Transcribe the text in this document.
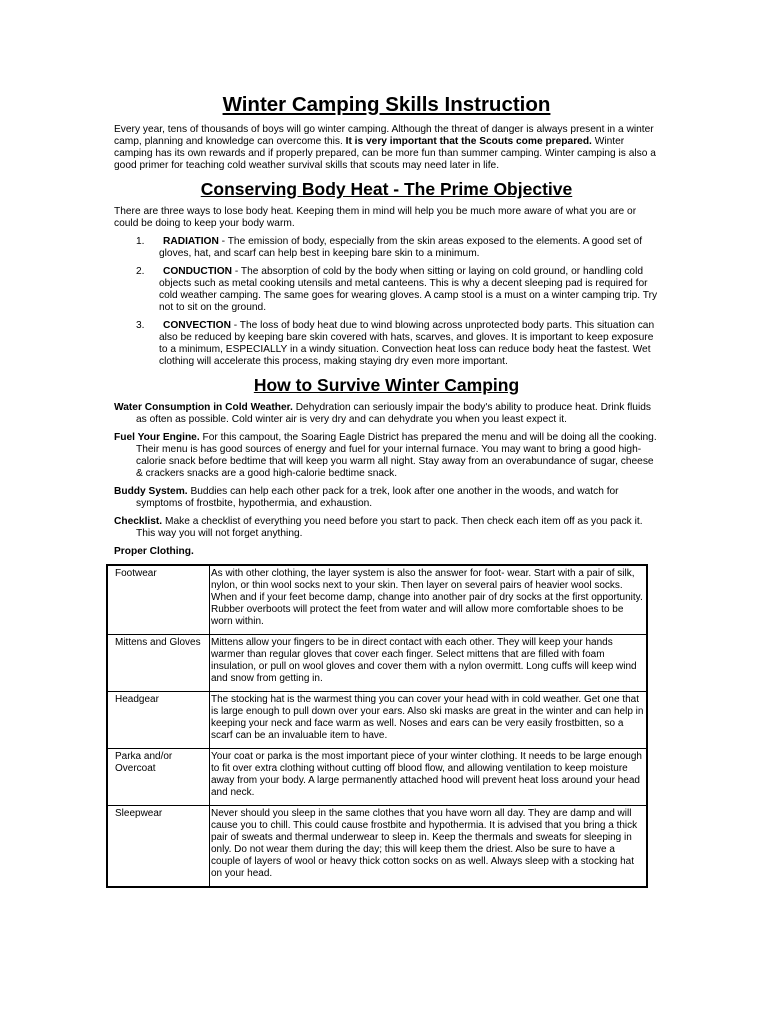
Winter Camping Skills Instruction

Every year, tens of thousands of boys will go winter camping. Although the threat of danger is always present in a winter camp, planning and knowledge can overcome this. It is very important that the Scouts come prepared. Winter camping has its own rewards and if properly prepared, can be more fun than summer camping. Winter camping is also a good primer for teaching cold weather survival skills that scouts may need later in life.

Conserving Body Heat - The Prime Objective

There are three ways to lose body heat. Keeping them in mind will help you be much more aware of what you are or could be doing to keep your body warm.

1. RADIATION - The emission of body, especially from the skin areas exposed to the elements. A good set of gloves, hat, and scarf can help best in keeping bare skin to a minimum.
2. CONDUCTION - The absorption of cold by the body when sitting or laying on cold ground, or handling cold objects such as metal cooking utensils and metal canteens. This is why a decent sleeping pad is required for cold weather camping. The same goes for wearing gloves. A camp stool is a must on a winter camping trip. Try not to sit on the ground.
3. CONVECTION - The loss of body heat due to wind blowing across unprotected body parts. This situation can also be reduced by keeping bare skin covered with hats, scarves, and gloves. It is important to keep exposure to a minimum, ESPECIALLY in a windy situation. Convection heat loss can reduce body heat the fastest. Wet clothing will accelerate this process, making staying dry even more important.
How to Survive Winter Camping

Water Consumption in Cold Weather. Dehydration can seriously impair the body's ability to produce heat. Drink fluids as often as possible. Cold winter air is very dry and can dehydrate you when you least expect it.

Fuel Your Engine. For this campout, the Soaring Eagle District has prepared the menu and will be doing all the cooking. Their menu is has good sources of energy and fuel for your internal furnace. You may want to bring a good high-calorie snack before bedtime that will keep you warm all night. Stay away from an overabundance of sugar, cheese & crackers snacks are a good high-calorie bedtime snack.

Buddy System. Buddies can help each other pack for a trek, look after one another in the woods, and watch for symptoms of frostbite, hypothermia, and exhaustion.

Checklist. Make a checklist of everything you need before you start to pack. Then check each item off as you pack it. This way you will not forget anything.

Proper Clothing.

Footwear	As with other clothing, the layer system is also the answer for foot- wear. Start with a pair of silk, nylon, or thin wool socks next to your skin. Then layer on several pairs of heavier wool socks. When and if your feet become damp, change into another pair of dry socks at the first opportunity. Rubber overboots will protect the feet from water and will allow more comfortable shoes to be worn within.
Mittens and Gloves	Mittens allow your fingers to be in direct contact with each other. They will keep your hands warmer than regular gloves that cover each finger. Select mittens that are filled with foam insulation, or pull on wool gloves and cover them with a nylon overmitt. Long cuffs will keep wind and snow from getting in.
Headgear	The stocking hat is the warmest thing you can cover your head with in cold weather. Get one that is large enough to pull down over your ears. Also ski masks are great in the winter and can help in keeping your neck and face warm as well. Noses and ears can be very easily frostbitten, so a scarf can be an invaluable item to have.
Parka and/or Overcoat	Your coat or parka is the most important piece of your winter clothing. It needs to be large enough to fit over extra clothing without cutting off blood flow, and allowing ventilation to keep moisture away from your body. A large permanently attached hood will prevent heat loss around your head and neck.
Sleepwear	Never should you sleep in the same clothes that you have worn all day. They are damp and will cause you to chill. This could cause frostbite and hypothermia. It is advised that you bring a thick pair of sweats and thermal underwear to sleep in. Keep the thermals and sweats for sleeping in only. Do not wear them during the day; this will keep them the driest. Also be sure to have a couple of layers of wool or heavy thick cotton socks on as well. Always sleep with a stocking hat on your head.
